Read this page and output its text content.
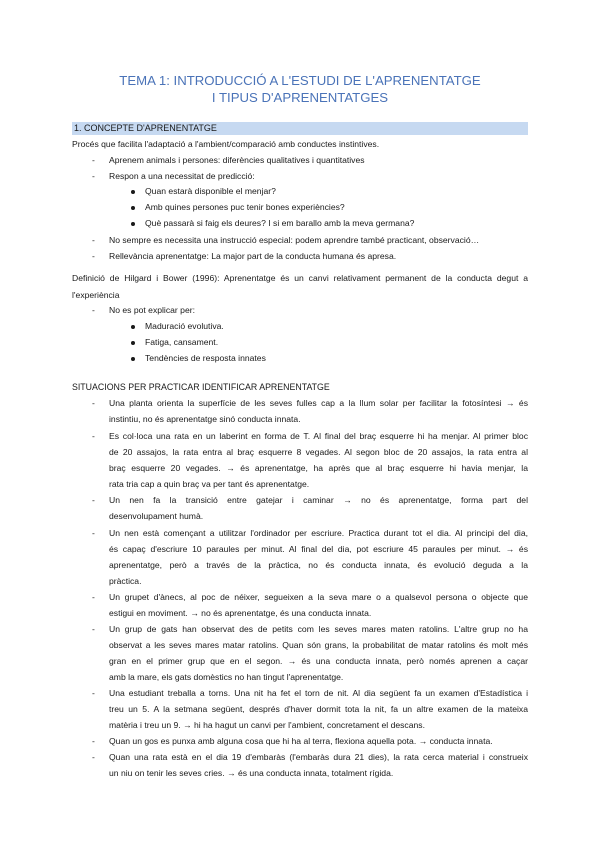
TEMA 1: INTRODUCCIÓ A L'ESTUDI DE L'APRENENTATGE
I TIPUS D'APRENENTATGES
1. CONCEPTE D'APRENENTATGE
Procés que facilita l'adaptació a l'ambient/comparació amb conductes instintives.
- Aprenem animals i persones: diferències qualitatives i quantitatives
- Respon a una necessitat de predicció:
Quan estarà disponible el menjar?
Amb quines persones puc tenir bones experiències?
Què passarà si faig els deures? I si em barallo amb la meva germana?
- No sempre es necessita una instrucció especial: podem aprendre també practicant, observació…
- Rellevància aprenentatge: La major part de la conducta humana és apresa.
Definició de Hilgard i Bower (1996): Aprenentatge és un canvi relativament permanent de la conducta degut a
l'experiència
- No es pot explicar per:
Maduració evolutiva.
Fatiga, cansament.
Tendències de resposta innates
SITUACIONS PER PRACTICAR IDENTIFICAR APRENENTATGE
- Una planta orienta la superfície de les seves fulles cap a la llum solar per facilitar la fotosíntesi → és
instintiu, no és aprenentatge sinó conducta innata.
- Es col·loca una rata en un laberint en forma de T. Al final del braç esquerre hi ha menjar. Al primer bloc
de 20 assajos, la rata entra al braç esquerre 8 vegades. Al segon bloc de 20 assajos, la rata entra al
braç esquerre 20 vegades. → és aprenentatge, ha après que al braç esquerre hi havia menjar, la
rata tria cap a quin braç va per tant és aprenentatge.
- Un nen fa la transició entre gatejar i caminar → no és aprenentatge, forma part del
desenvolupament humà.
- Un nen està començant a utilitzar l'ordinador per escriure. Practica durant tot el dia. Al principi del dia,
és capaç d'escriure 10 paraules per minut. Al final del dia, pot escriure 45 paraules per minut. → és
aprenentatge, però a través de la pràctica, no és conducta innata, és evolució deguda a la
pràctica.
- Un grupet d'ànecs, al poc de néixer, segueixen a la seva mare o a qualsevol persona o objecte que
estigui en moviment. → no és aprenentatge, és una conducta innata.
- Un grup de gats han observat des de petits com les seves mares maten ratolins. L'altre grup no ha
observat a les seves mares matar ratolins. Quan són grans, la probabilitat de matar ratolins és molt més
gran en el primer grup que en el segon. → és una conducta innata, però només aprenen a caçar
amb la mare, els gats domèstics no han tingut l'aprenentatge.
- Una estudiant treballa a torns. Una nit ha fet el torn de nit. Al dia següent fa un examen d'Estadística i
treu un 5. A la setmana següent, després d'haver dormit tota la nit, fa un altre examen de la mateixa
matèria i treu un 9. → hi ha hagut un canvi per l'ambient, concretament el descans.
- Quan un gos es punxa amb alguna cosa que hi ha al terra, flexiona aquella pota. → conducta innata.
- Quan una rata està en el dia 19 d'embaràs (l'embaràs dura 21 dies), la rata cerca material i construeix
un niu on tenir les seves cries. → és una conducta innata, totalment rígida.
